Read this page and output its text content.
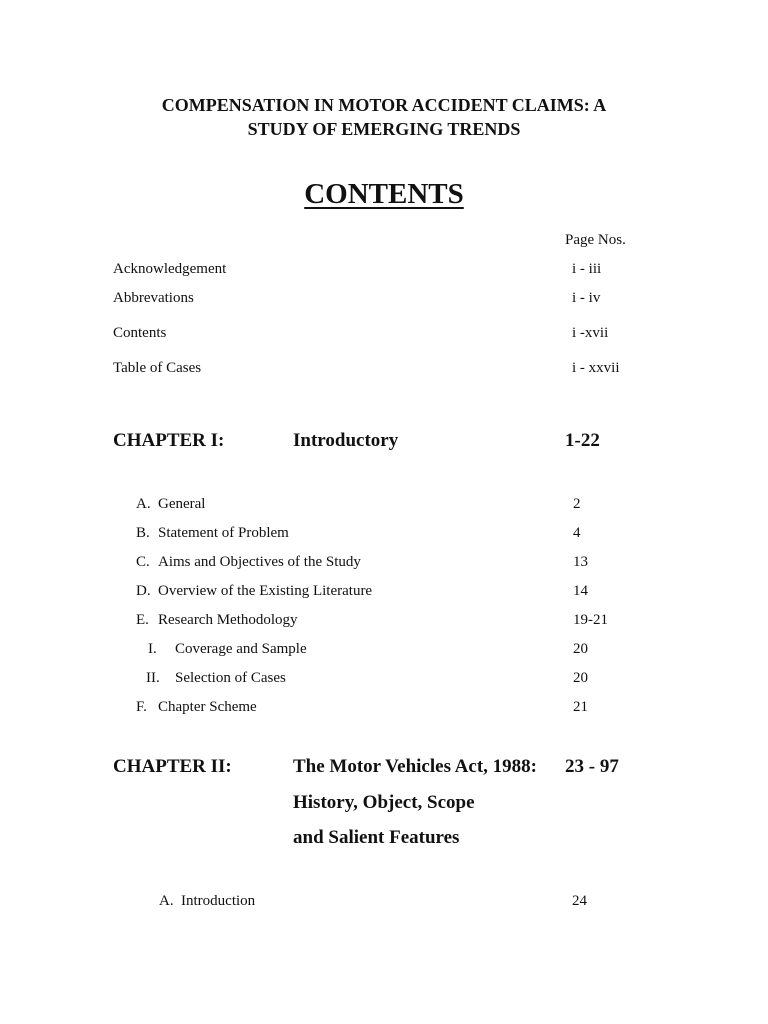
COMPENSATION IN MOTOR ACCIDENT CLAIMS: A
STUDY OF EMERGING TRENDS
CONTENTS
Page Nos.
Acknowledgement	i - iii
Abbrevations	i - iv
Contents	i -xvii
Table of Cases	i - xxvii
CHAPTER I:	Introductory	1-22
A. General	2
B. Statement of Problem	4
C. Aims and Objectives of the Study	13
D. Overview of the Existing Literature	14
E. Research Methodology	19-21
I. Coverage and Sample	20
II. Selection of Cases	20
F. Chapter Scheme	21
CHAPTER II:	The Motor Vehicles Act, 1988: 23 - 97
History, Object, Scope
and Salient Features
A. Introduction	24
